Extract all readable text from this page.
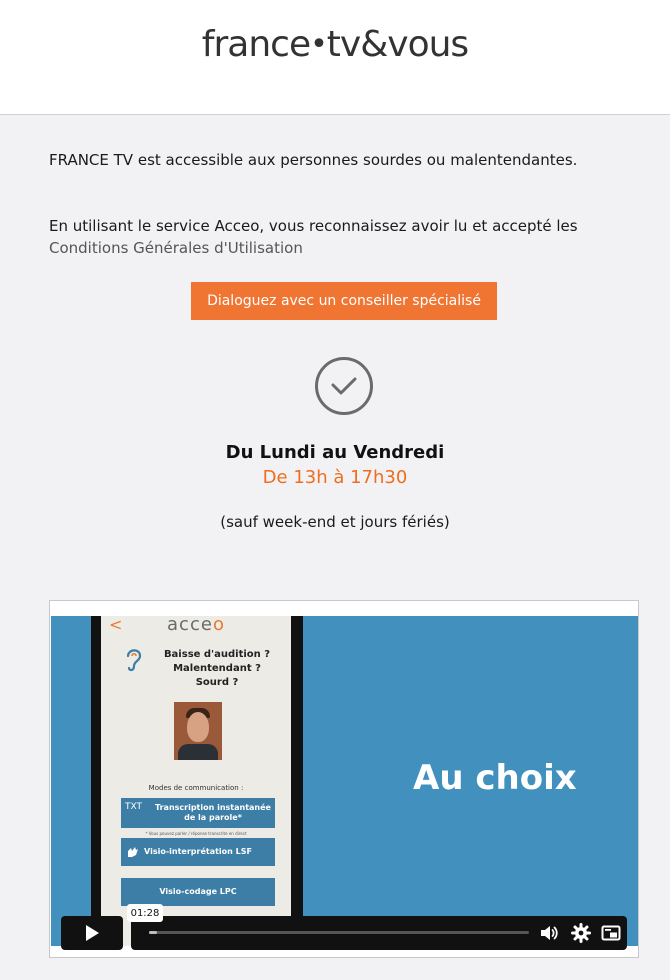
france•tv&vous

FRANCE TV est accessible aux personnes sourdes ou malentendantes.

En utilisant le service Acceo, vous reconnaissez avoir lu et accepté les Conditions Générales d'Utilisation

Dialoguez avec un conseiller spécialisé
Du Lundi au Vendredi
De 13h à 17h30
(sauf week-end et jours fériés)
<	acceo
Baisse d'audition ? Malentendant ? Sourd ?
Modes de communication :
TXT	Transcription instantanée de la parole*
* Vous pouvez parler / réponse transcrite en direct
Visio-interprétation LSF
Visio-codage LPC
Au choix
01:28
